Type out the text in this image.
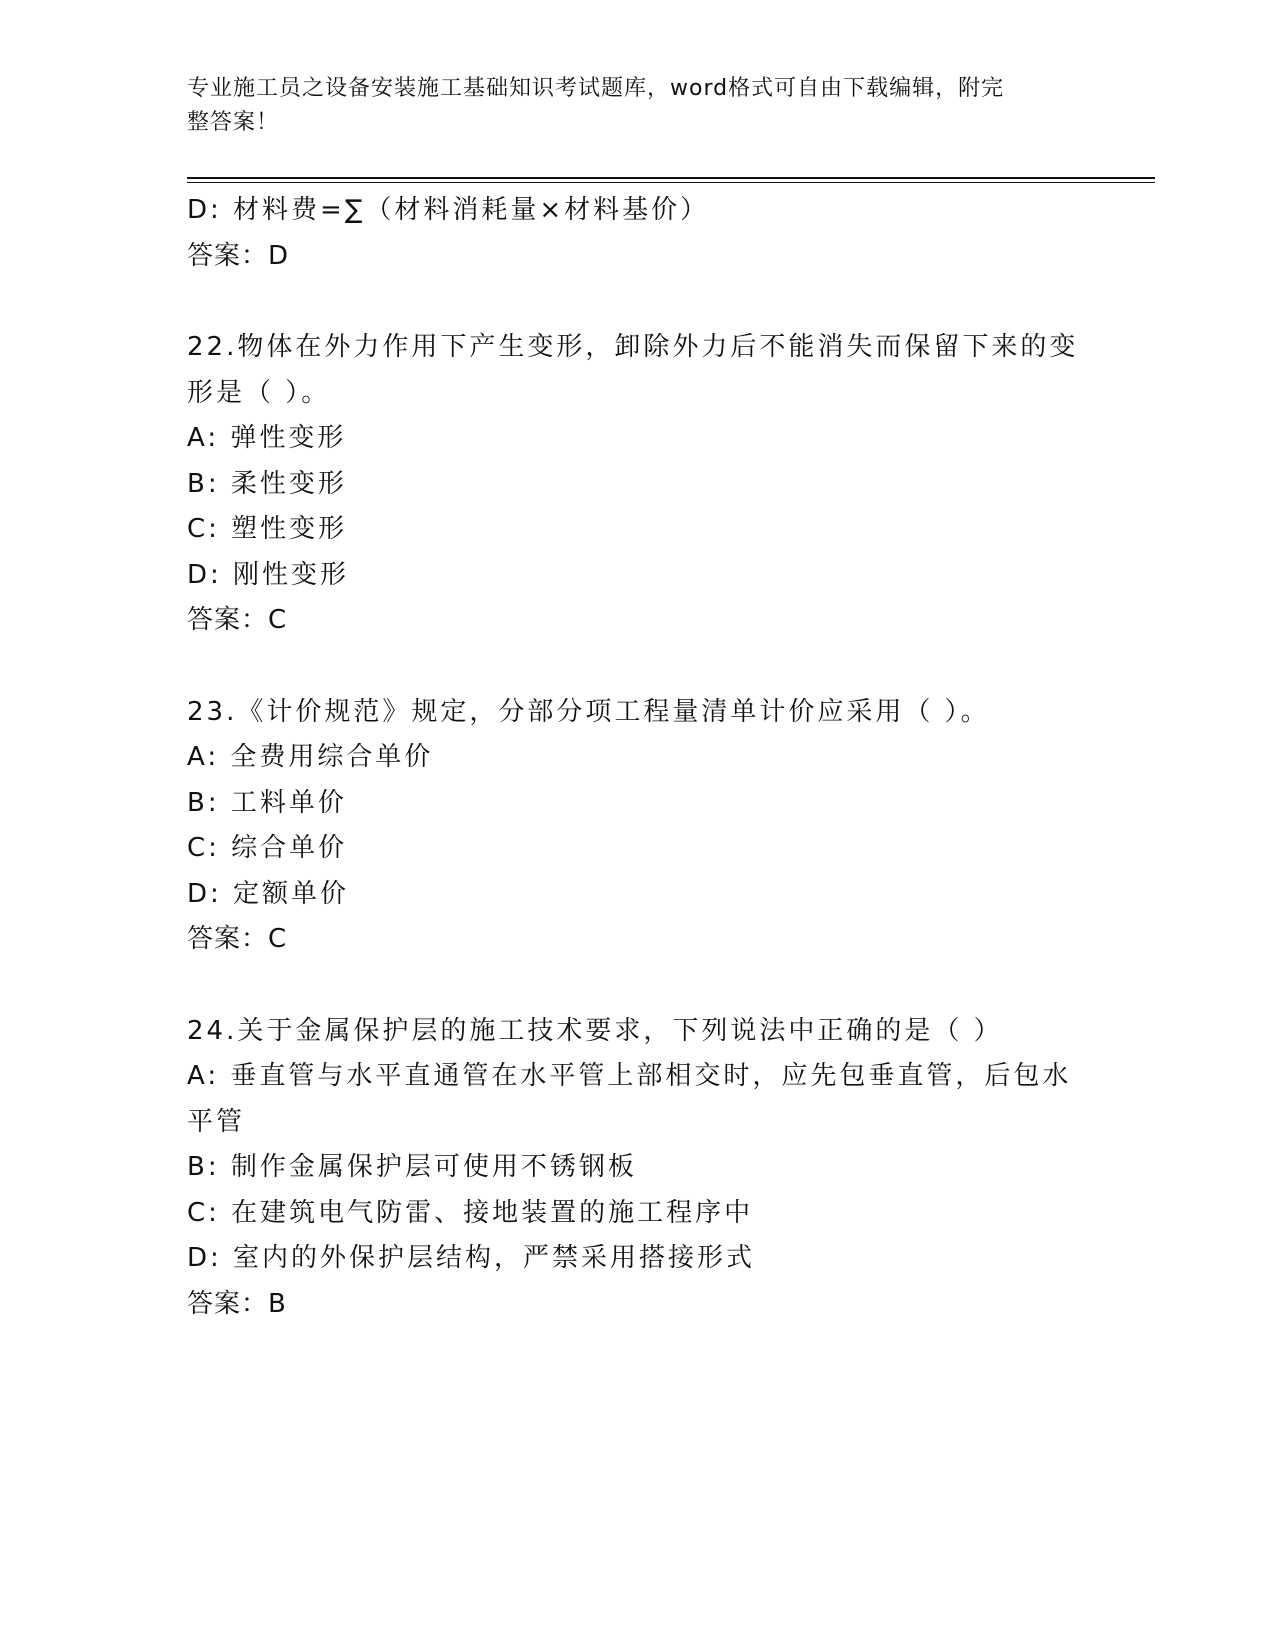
专业施工员之设备安装施工基础知识考试题库，word格式可自由下载编辑，附完
整答案！
D: 材料费=∑（材料消耗量×材料基价）
答案：D
22.物体在外力作用下产生变形，卸除外力后不能消失而保留下来的变
形是（ ）。
A: 弹性变形
B: 柔性变形
C: 塑性变形
D: 刚性变形
答案：C
23.《计价规范》规定，分部分项工程量清单计价应采用（ ）。
A: 全费用综合单价
B: 工料单价
C: 综合单价
D: 定额单价
答案：C
24.关于金属保护层的施工技术要求，下列说法中正确的是（ ）
A: 垂直管与水平直通管在水平管上部相交时，应先包垂直管，后包水
平管
B: 制作金属保护层可使用不锈钢板
C: 在建筑电气防雷、接地装置的施工程序中
D: 室内的外保护层结构，严禁采用搭接形式
答案：B
